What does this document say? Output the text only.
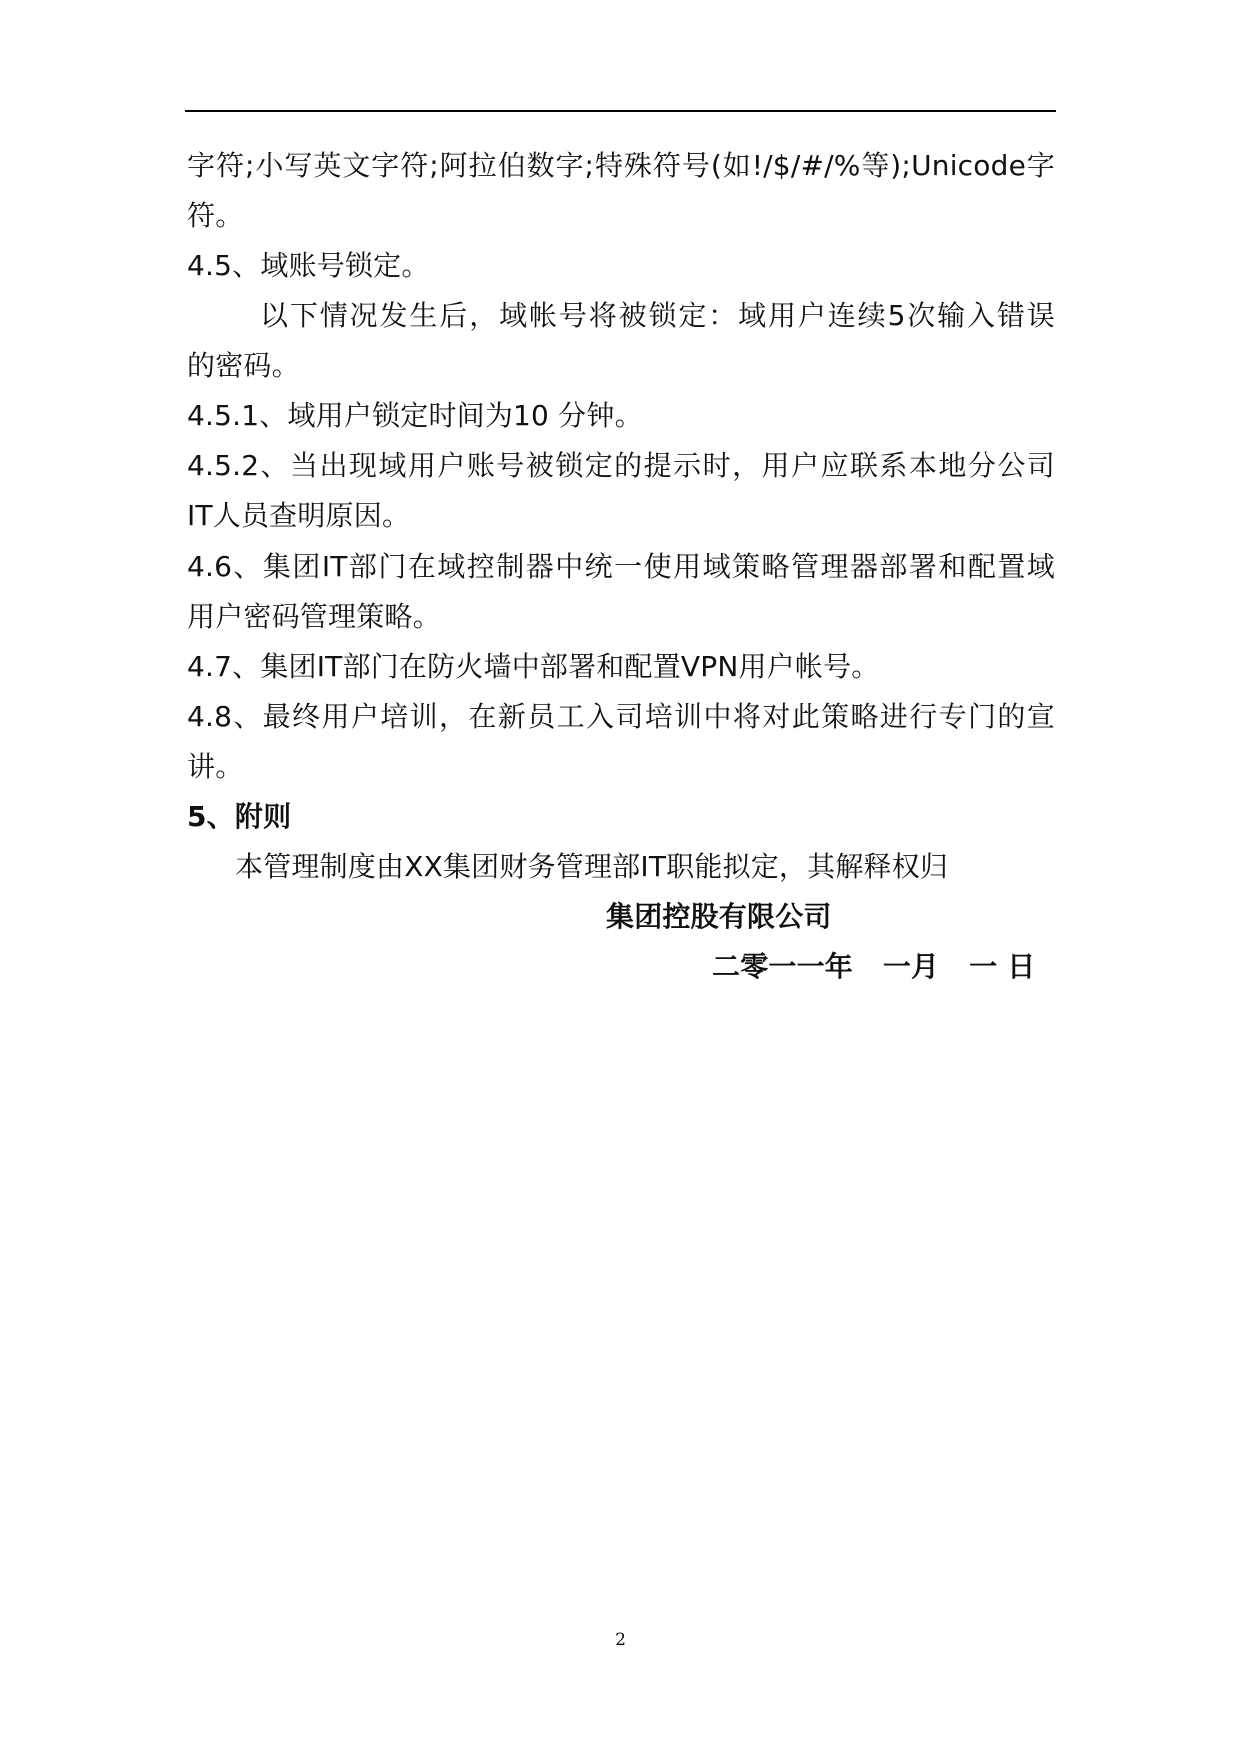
字符;小写英文字符;阿拉伯数字;特殊符号(如!/$/#/%等);Unicode字
符。
4.5、域账号锁定。
以下情况发生后，域帐号将被锁定：域用户连续5次输入错误
的密码。
4.5.1、域用户锁定时间为10 分钟。
4.5.2、当出现域用户账号被锁定的提示时，用户应联系本地分公司
IT人员查明原因。
4.6、集团IT部门在域控制器中统一使用域策略管理器部署和配置域
用户密码管理策略。
4.7、集团IT部门在防火墙中部署和配置VPN用户帐号。
4.8、最终用户培训，在新员工入司培训中将对此策略进行专门的宣
讲。
5、附则
本管理制度由XX集团财务管理部IT职能拟定，其解释权归
集团控股有限公司
二零一一年   一月   一 日
2
